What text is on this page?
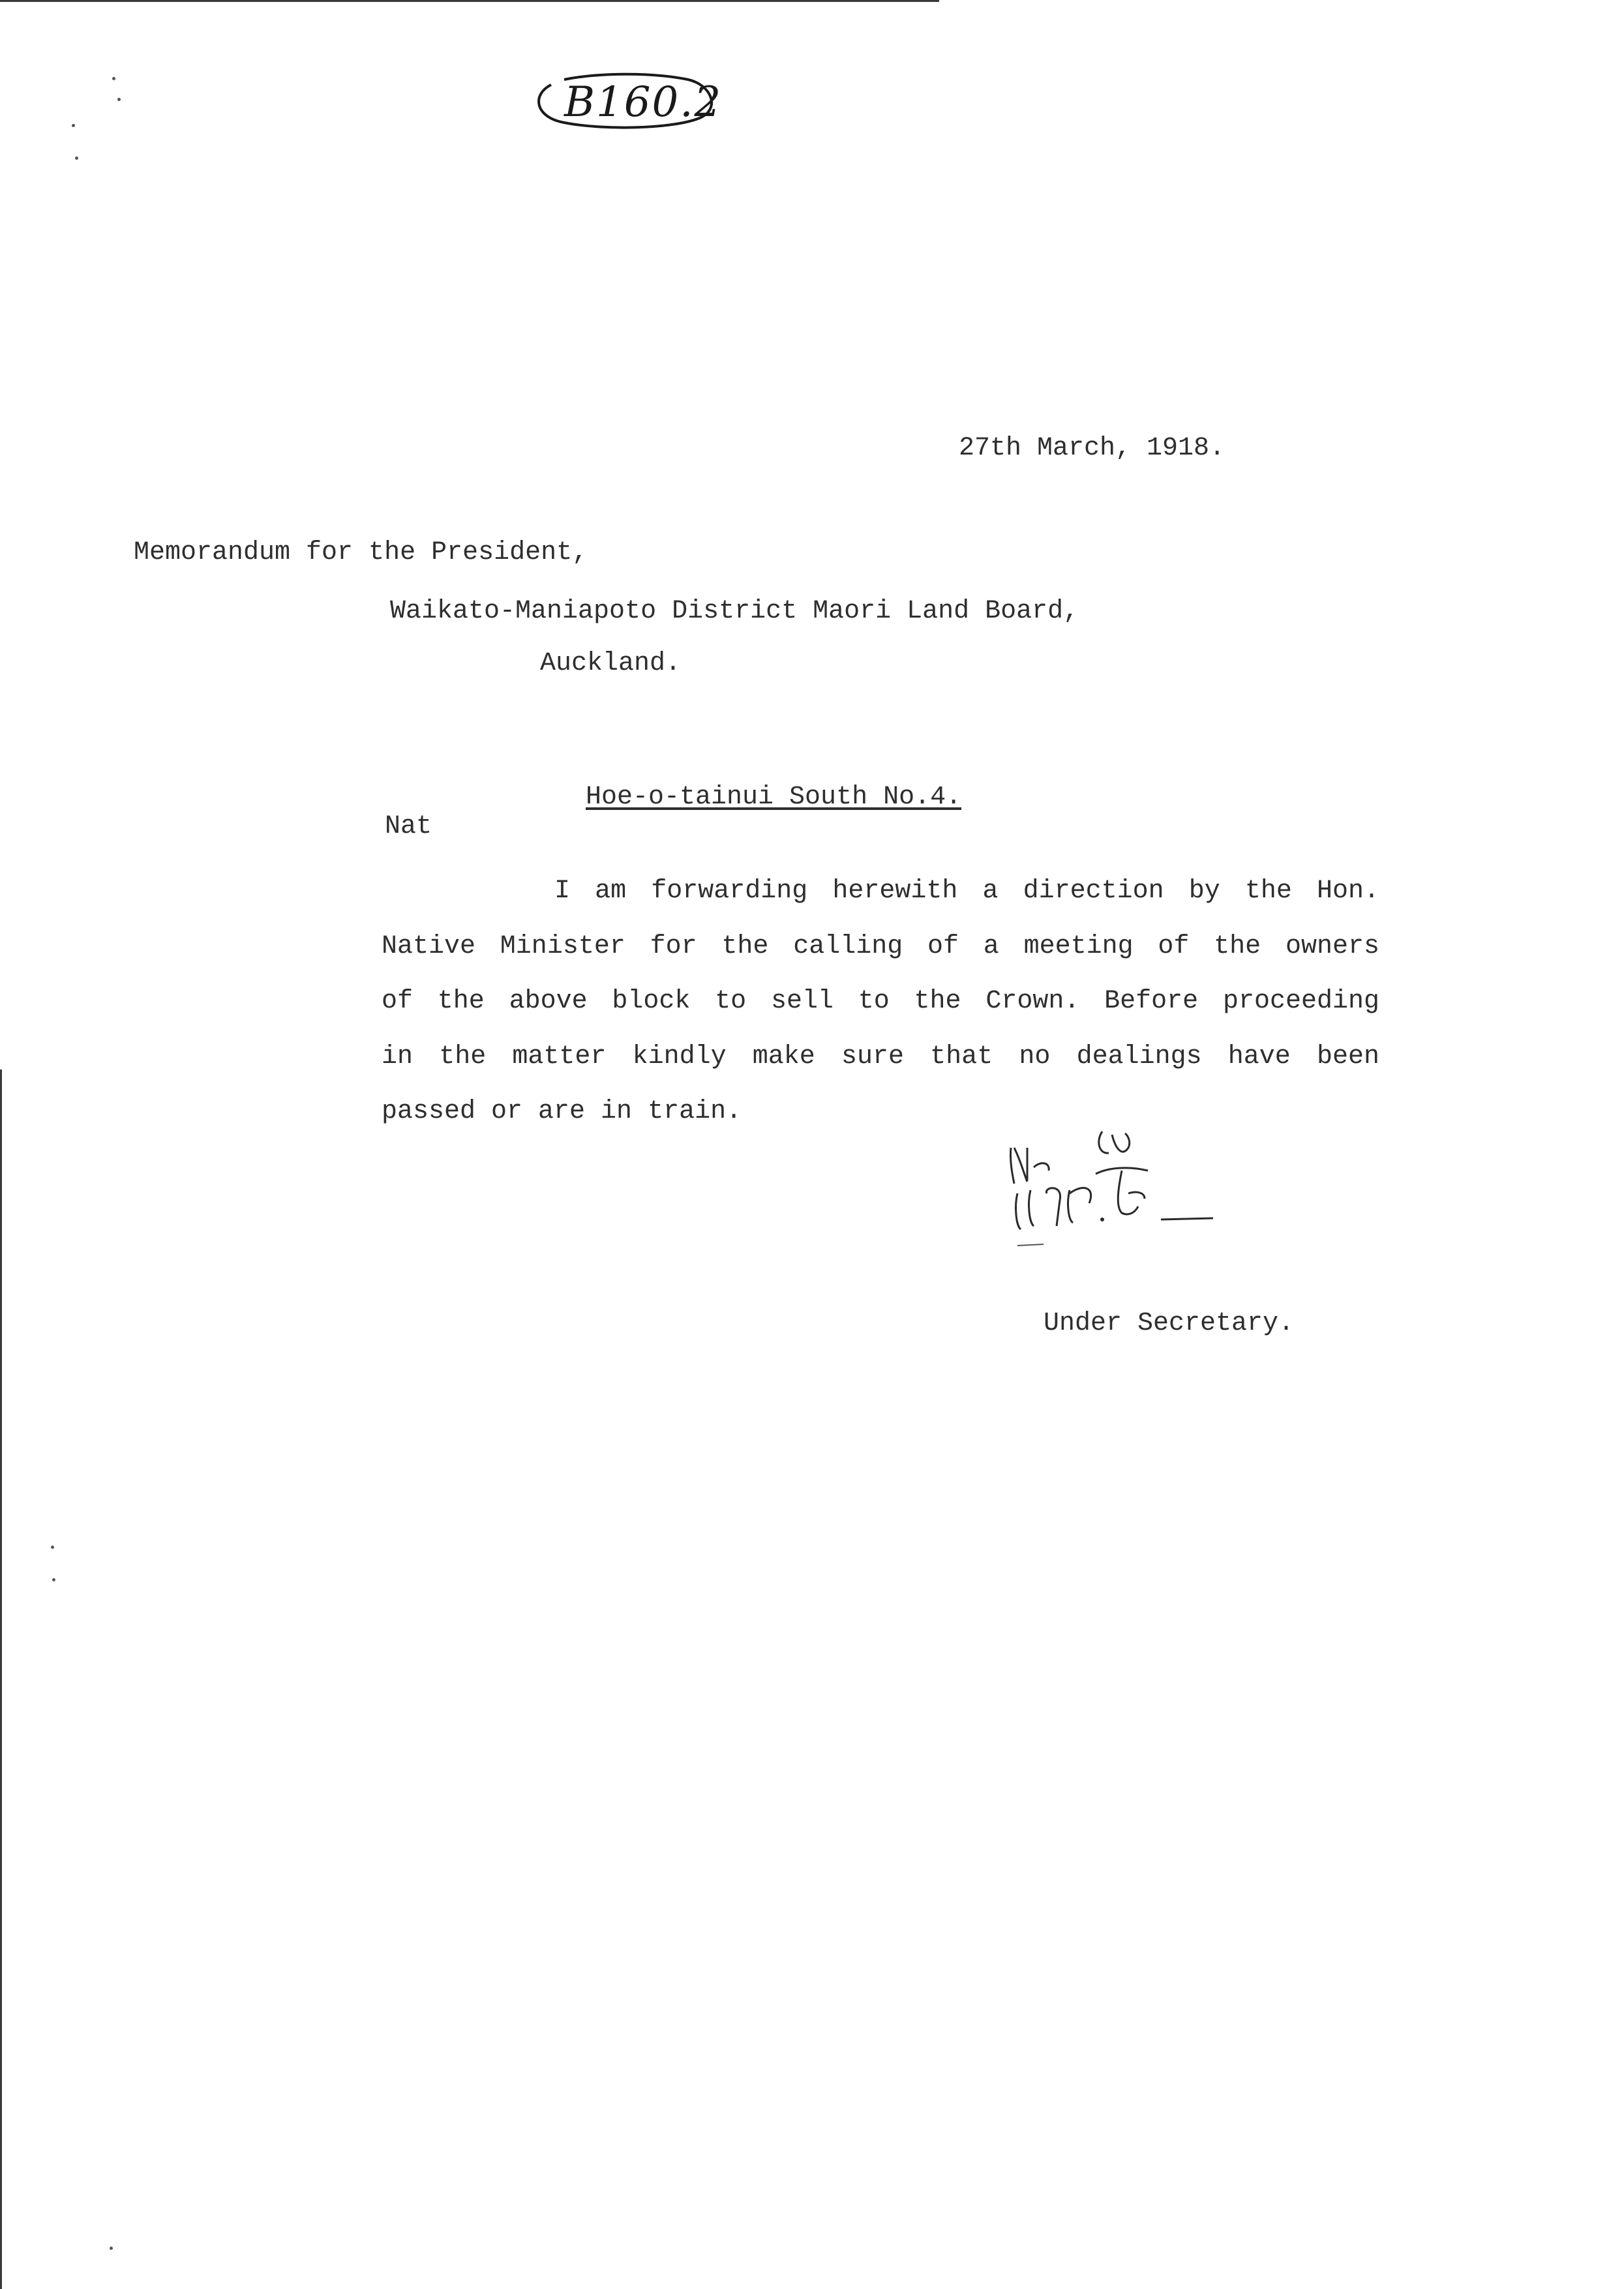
B160.2
27th March, 1918.
Memorandum for the President,
Waikato-Maniapoto District Maori Land Board,
Auckland.
Hoe-o-tainui South No.4.
Nat
I am forwarding herewith a direction by the Hon.
Native Minister for the calling of a meeting of the owners
of the above block to sell to the Crown. Before proceeding
in the matter kindly make sure that no dealings have been
passed or are in train.
Under Secretary.
